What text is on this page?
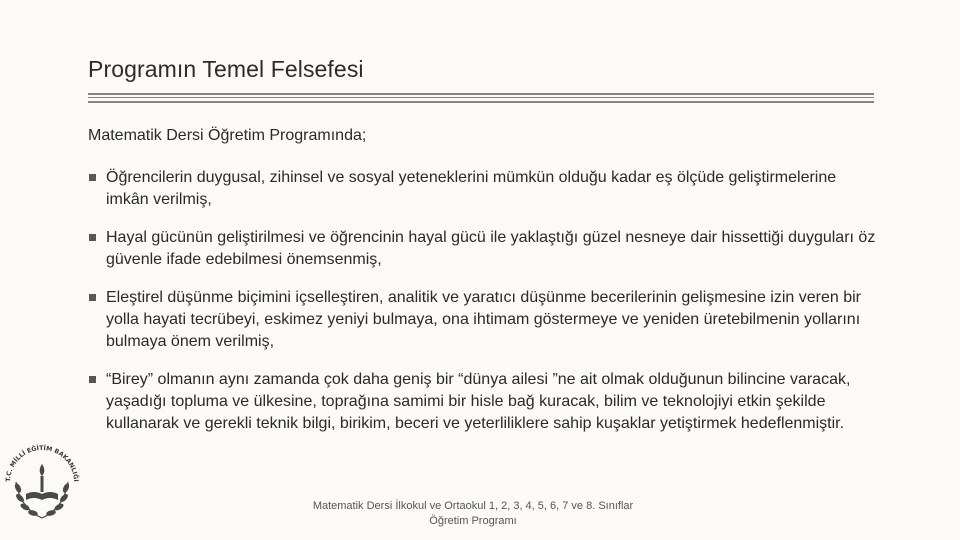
Programın Temel Felsefesi
Matematik Dersi Öğretim Programında;
Öğrencilerin duygusal, zihinsel ve sosyal yeteneklerini mümkün olduğu kadar eş ölçüde geliştirmelerine imkân verilmiş,
Hayal gücünün geliştirilmesi ve öğrencinin hayal gücü ile yaklaştığı güzel nesneye dair hissettiği duyguları öz güvenle ifade edebilmesi önemsenmiş,
Eleştirel düşünme biçimini içselleştiren, analitik ve yaratıcı düşünme becerilerinin gelişmesine izin veren bir yolla hayati tecrübeyi, eskimez yeniyi bulmaya, ona ihtimam göstermeye ve yeniden üretebilmenin yollarını bulmaya önem verilmiş,
“Birey” olmanın aynı zamanda çok daha geniş bir “dünya ailesi ”ne ait olmak olduğunun bilincine varacak, yaşadığı topluma ve ülkesine, toprağına samimi bir hisle bağ kuracak, bilim ve teknolojiyi etkin şekilde kullanarak ve gerekli teknik bilgi, birikim, beceri ve yeterliliklere sahip kuşaklar yetiştirmek hedeflenmiştir.
Matematik Dersi İlkokul ve Ortaokul 1, 2, 3, 4, 5, 6, 7 ve 8. Sınıflar
Öğretim Programı
T.C. MİLLÎ EĞİTİM BAKANLIĞI
